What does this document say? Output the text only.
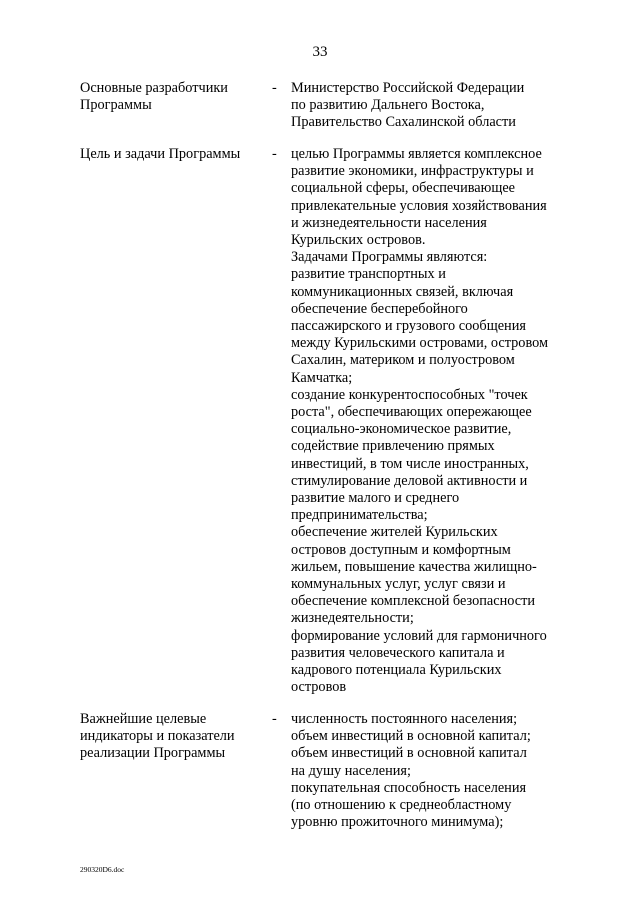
33
Основные разработчики
Программы
- Министерство Российской Федерации
по развитию Дальнего Востока,
Правительство Сахалинской области
Цель и задачи Программы	- целью Программы является комплексное
развитие экономики, инфраструктуры и
социальной сферы, обеспечивающее
привлекательные условия хозяйствования
и жизнедеятельности населения
Курильских островов.
Задачами Программы являются:
развитие транспортных и
коммуникационных связей, включая
обеспечение бесперебойного
пассажирского и грузового сообщения
между Курильскими островами, островом
Сахалин, материком и полуостровом
Камчатка;
создание конкурентоспособных "точек
роста", обеспечивающих опережающее
социально-экономическое развитие,
содействие привлечению прямых
инвестиций, в том числе иностранных,
стимулирование деловой активности и
развитие малого и среднего
предпринимательства;
обеспечение жителей Курильских
островов доступным и комфортным
жильем, повышение качества жилищно-
коммунальных услуг, услуг связи и
обеспечение комплексной безопасности
жизнедеятельности;
формирование условий для гармоничного
развития человеческого капитала и
кадрового потенциала Курильских
островов
Важнейшие целевые
индикаторы и показатели
реализации Программы
- численность постоянного населения;
объем инвестиций в основной капитал;
объем инвестиций в основной капитал
на душу населения;
покупательная способность населения
(по отношению к среднеобластному
уровню прожиточного минимума);
290320D6.doc
